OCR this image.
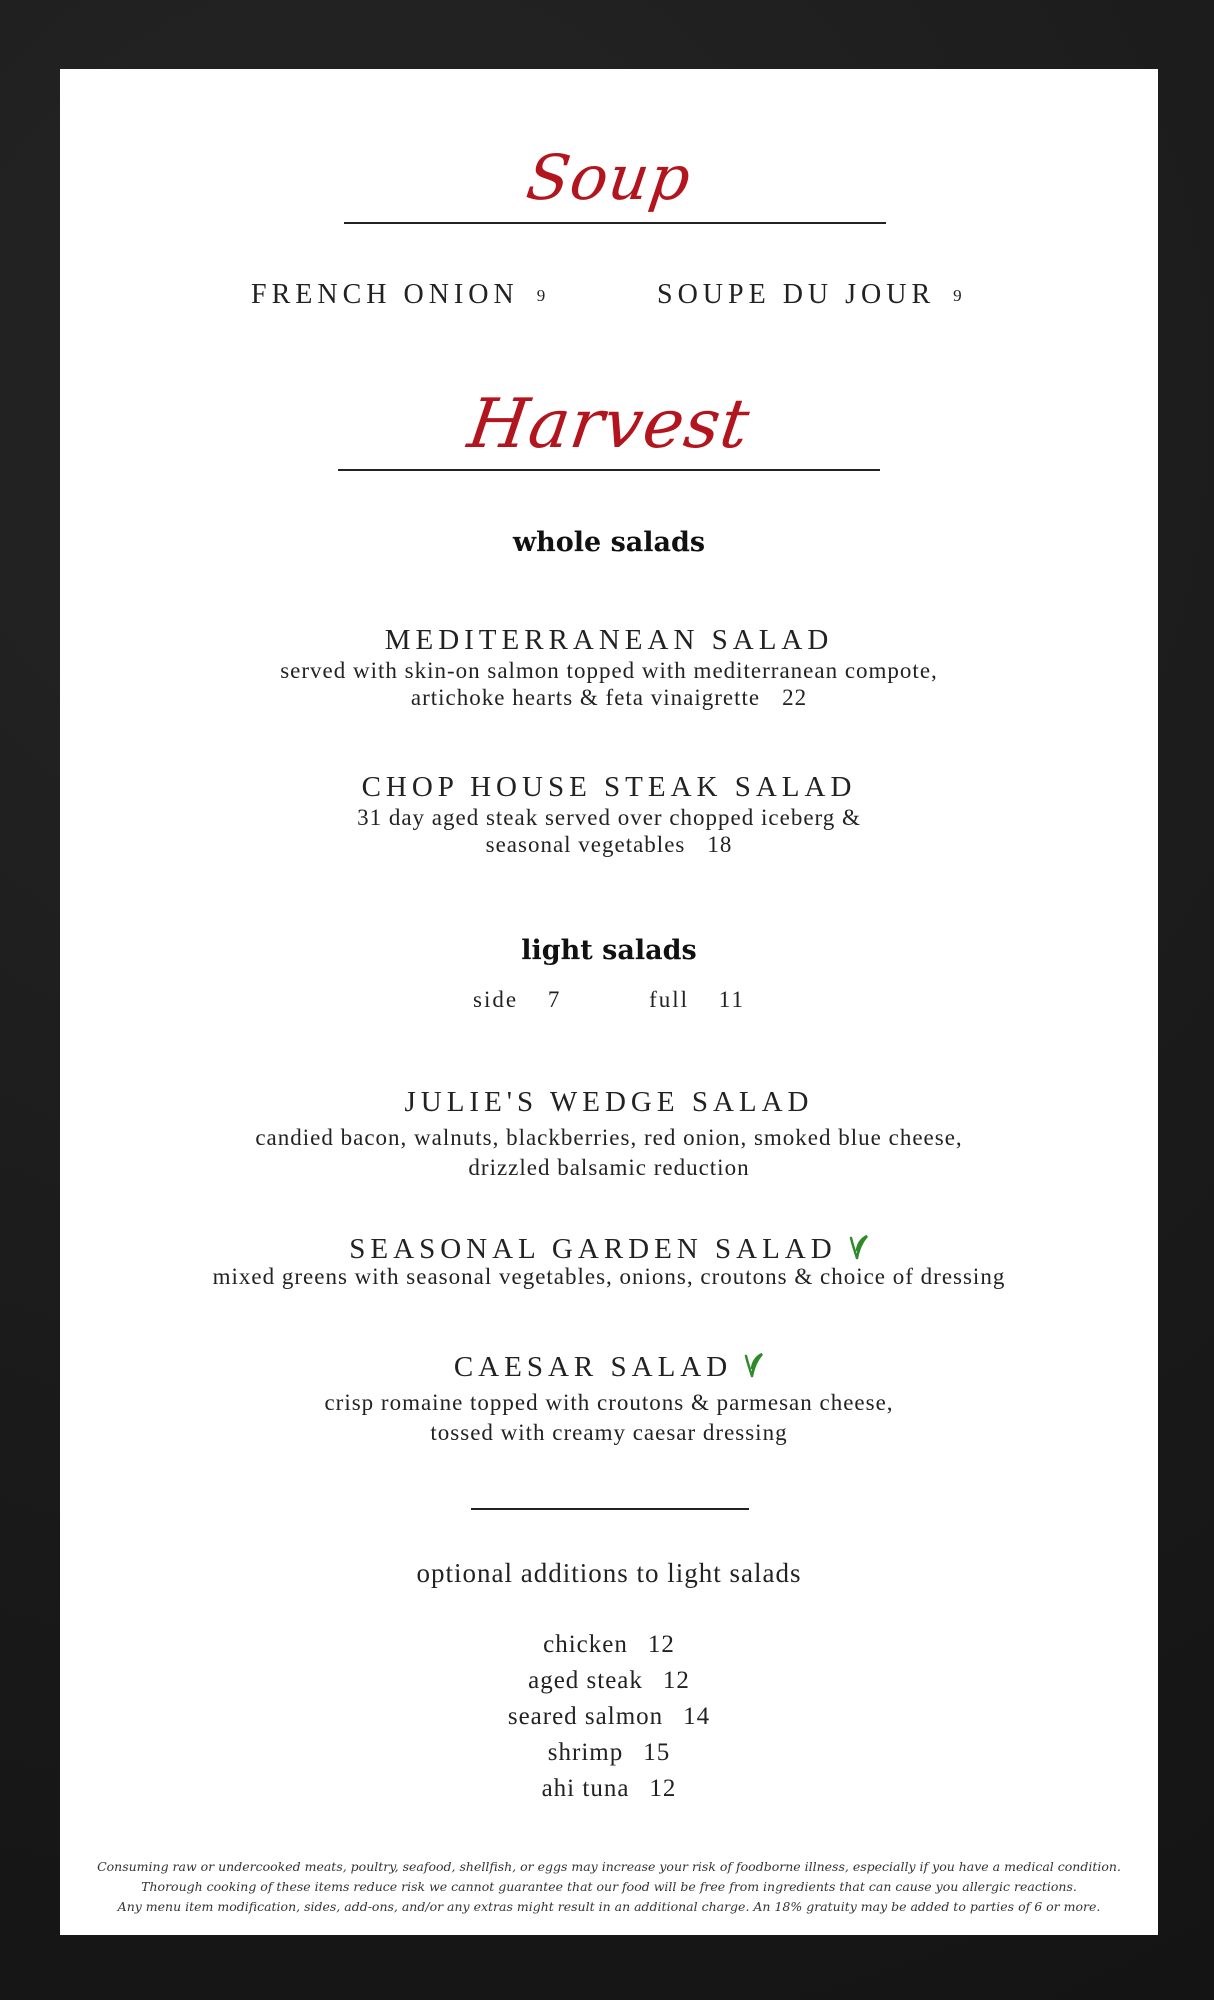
Soup
FRENCH ONION 9	SOUPE DU JOUR 9
Harvest
whole salads
MEDITERRANEAN SALAD
served with skin-on salmon topped with mediterranean compote,
artichoke hearts & feta vinaigrette 22
CHOP HOUSE STEAK SALAD
31 day aged steak served over chopped iceberg &
seasonal vegetables 18
light salads
side 7	full 11
JULIE'S WEDGE SALAD
candied bacon, walnuts, blackberries, red onion, smoked blue cheese,
drizzled balsamic reduction
SEASONAL GARDEN SALAD
mixed greens with seasonal vegetables, onions, croutons & choice of dressing
CAESAR SALAD
crisp romaine topped with croutons & parmesan cheese,
tossed with creamy caesar dressing
optional additions to light salads
chicken 12
aged steak 12
seared salmon 14
shrimp 15
ahi tuna 12
Consuming raw or undercooked meats, poultry, seafood, shellfish, or eggs may increase your risk of foodborne illness, especially if you have a medical condition.
Thorough cooking of these items reduce risk we cannot guarantee that our food will be free from ingredients that can cause you allergic reactions.
Any menu item modification, sides, add-ons, and/or any extras might result in an additional charge. An 18% gratuity may be added to parties of 6 or more.
